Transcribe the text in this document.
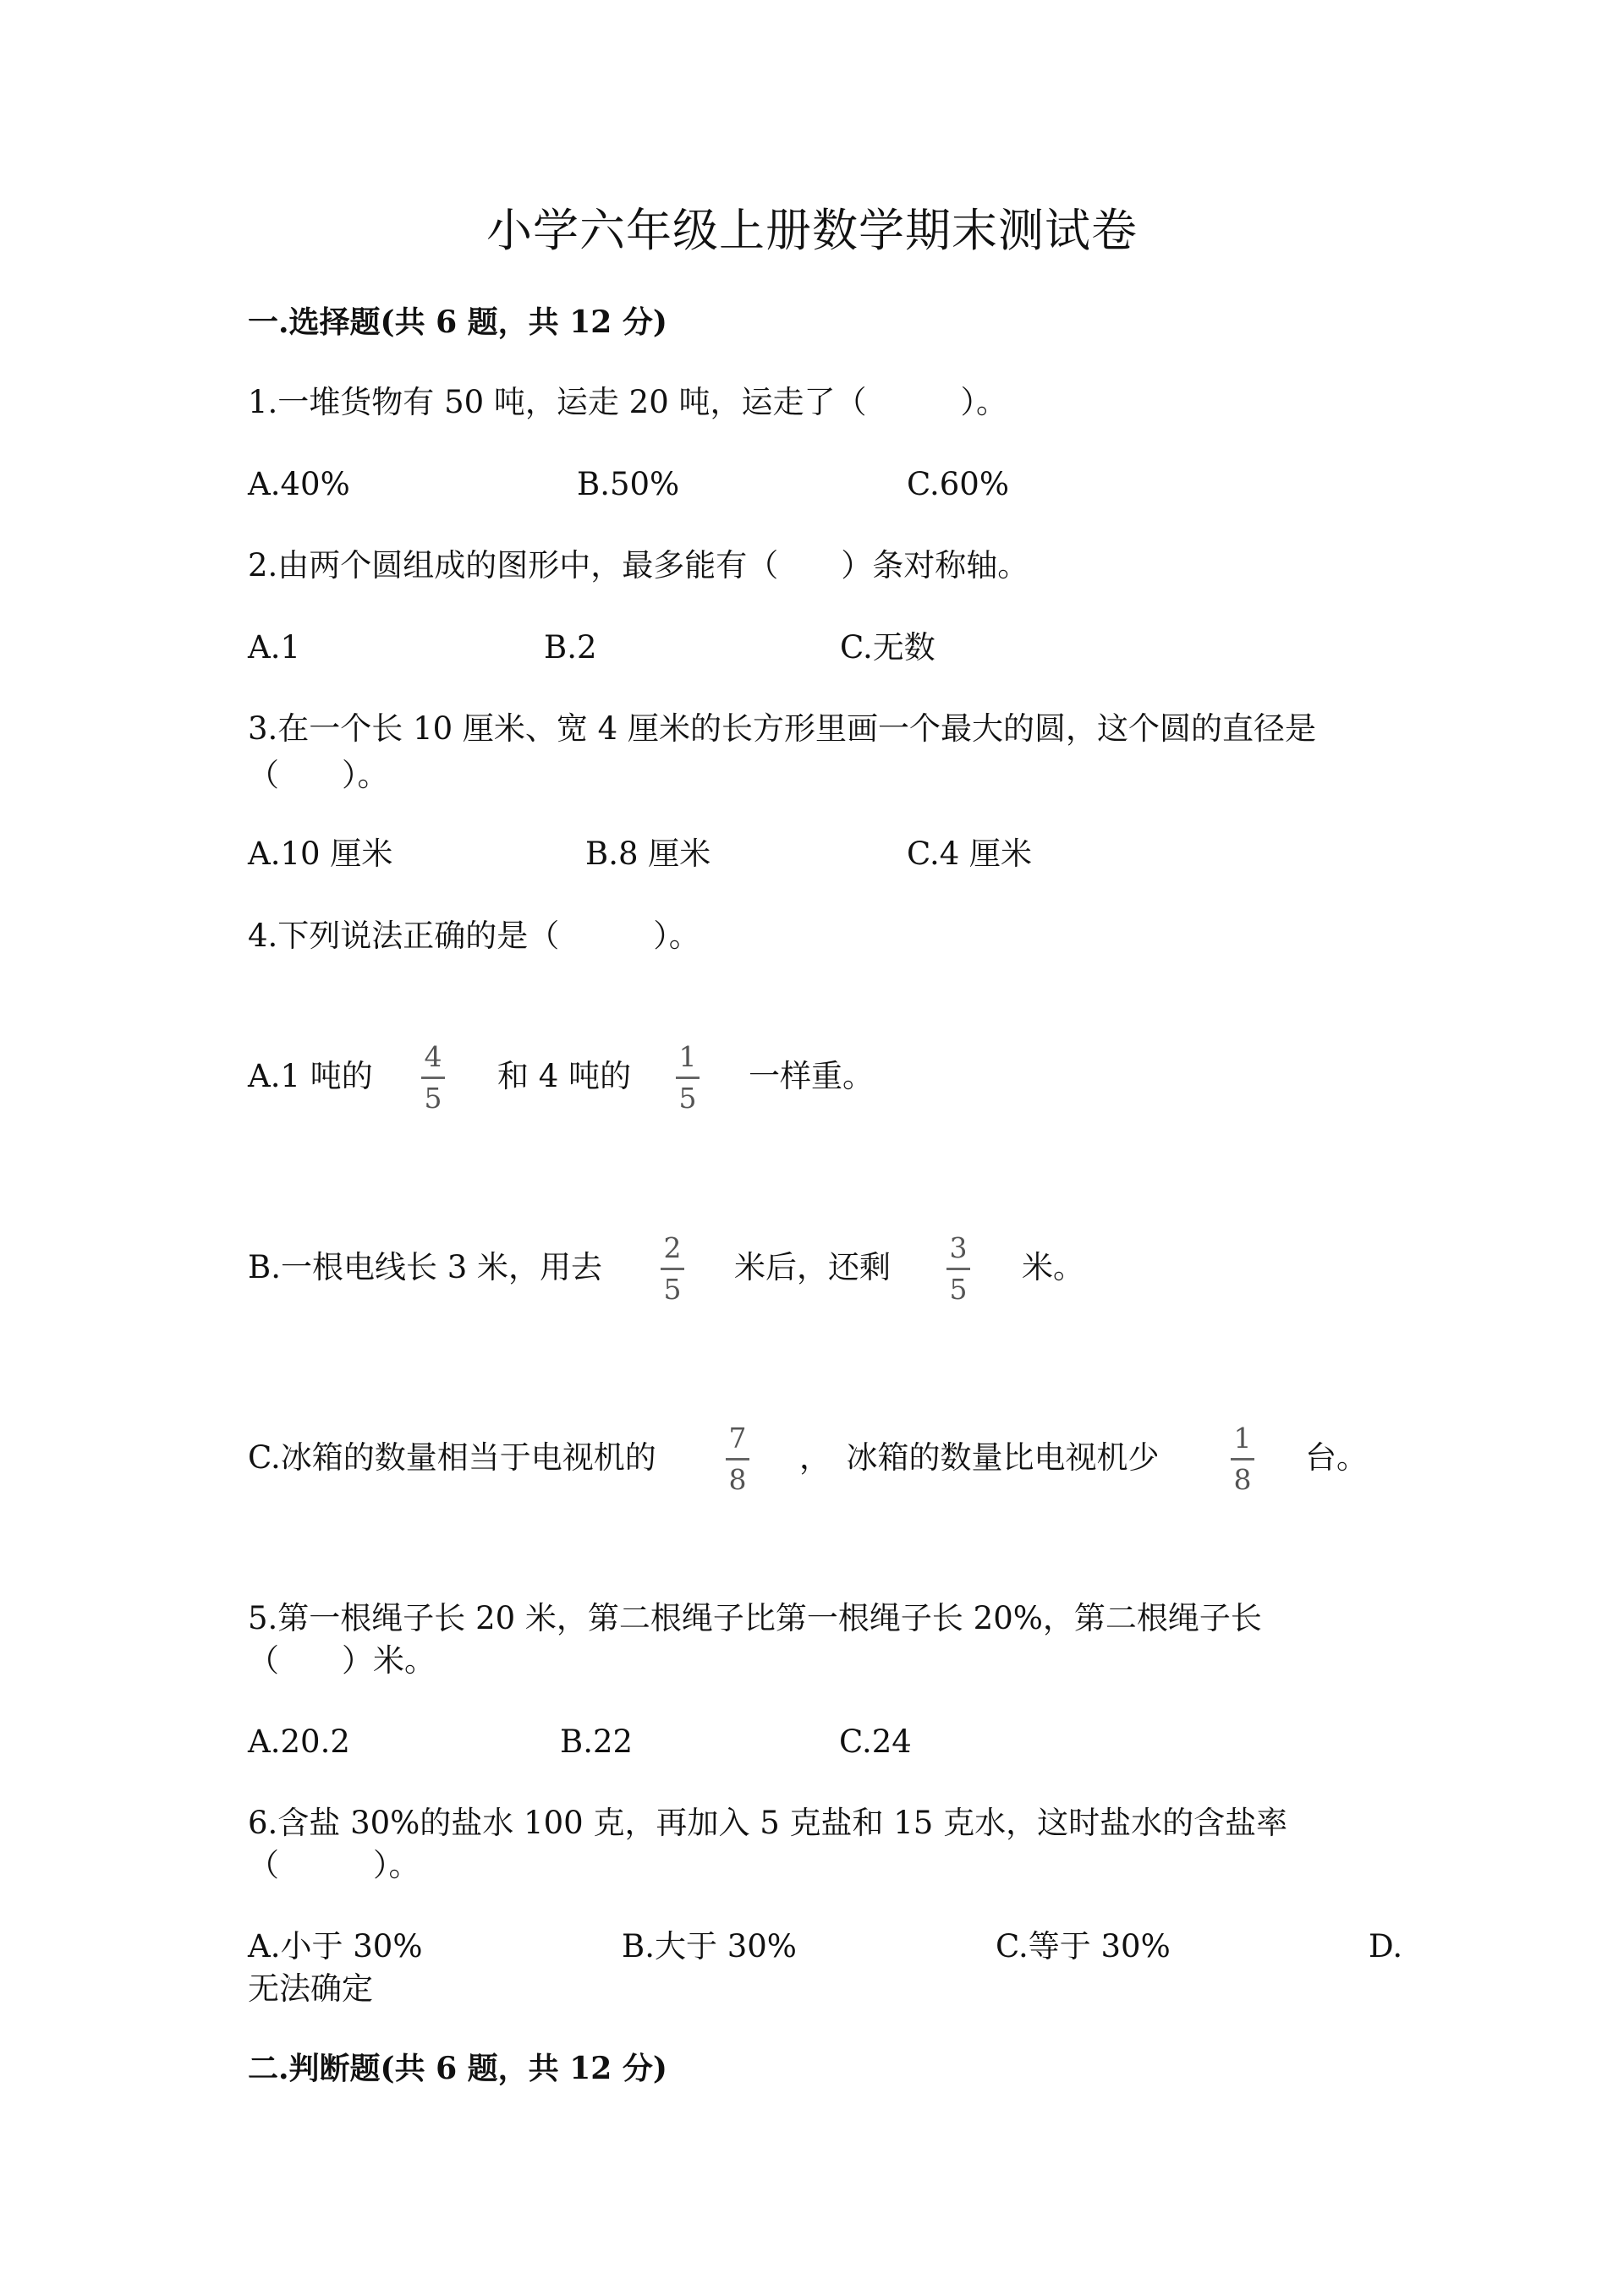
小学六年级上册数学期末测试卷
一.选择题(共 6 题，共 12 分)
1.一堆货物有 50 吨，运走 20 吨，运走了（　　　）。
A.40%	B.50%	C.60%
2.由两个圆组成的图形中，最多能有（　　）条对称轴。
A.1	B.2	C.无数
3.在一个长 10 厘米、宽 4 厘米的长方形里画一个最大的圆，这个圆的直径是
（　　）。
A.10 厘米	B.8 厘米	C.4 厘米
4.下列说法正确的是（　　　）。
A.1 吨的
4
5
和 4 吨的
1
5
一样重。
B.一根电线长 3 米，用去
2
5
米后，还剩
3
5
米。
C.冰箱的数量相当于电视机的
7
8
，　冰箱的数量比电视机少
1
8
台。
5.第一根绳子长 20 米，第二根绳子比第一根绳子长 20%，第二根绳子长
（　　）米。
A.20.2	B.22	C.24
6.含盐 30%的盐水 100 克，再加入 5 克盐和 15 克水，这时盐水的含盐率
（　　　）。
A.小于 30%	B.大于 30%	C.等于 30%	D.
无法确定
二.判断题(共 6 题，共 12 分)
